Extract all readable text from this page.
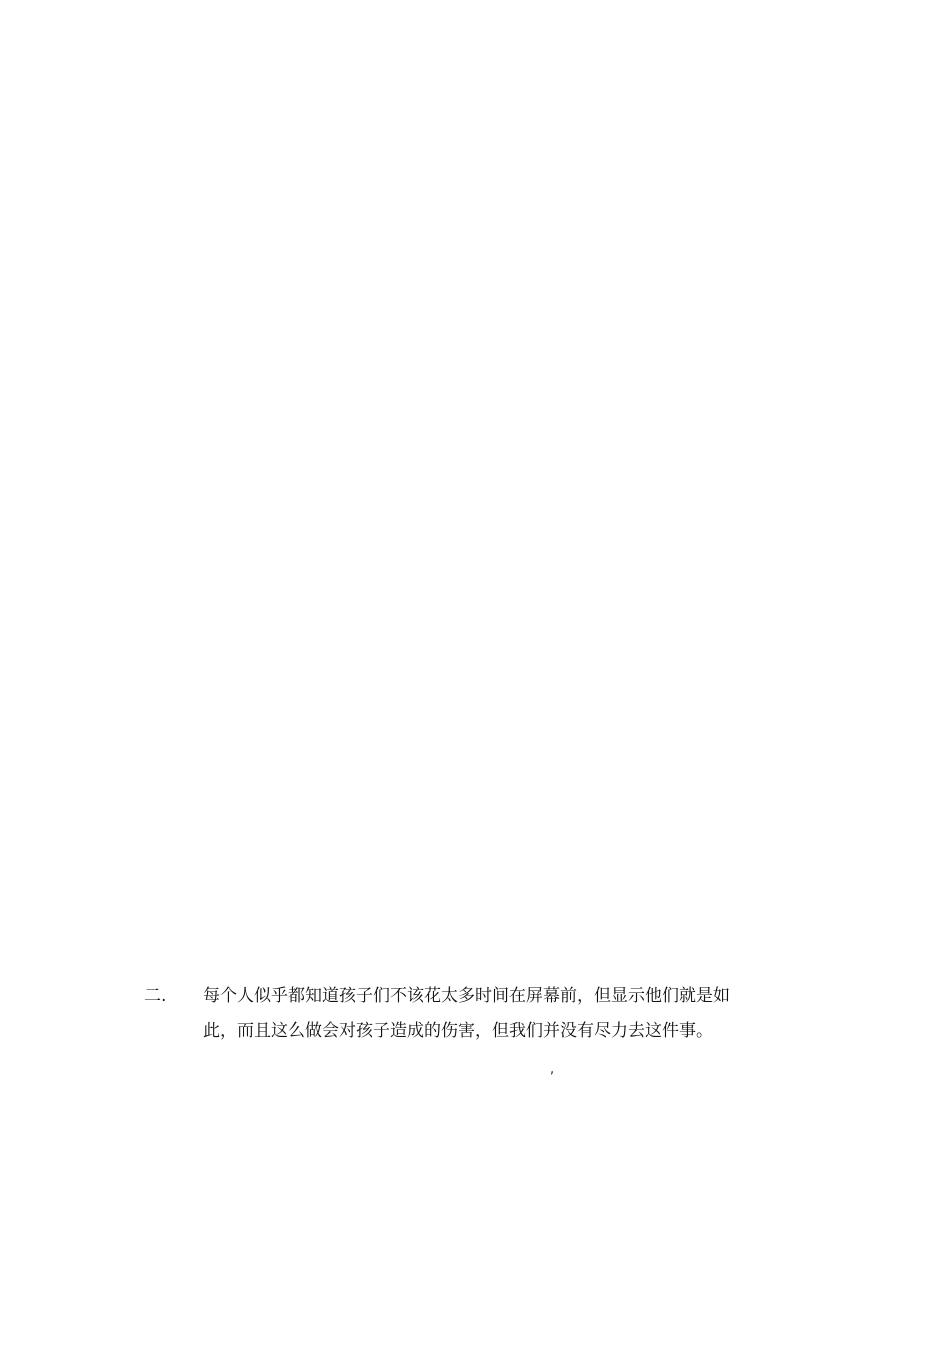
,
二. 每个人似乎都知道孩子们不该花太多时间在屏幕前，但显示他们就是如
此，而且这么做会对孩子造成的伤害，但我们并没有尽力去这件事。
